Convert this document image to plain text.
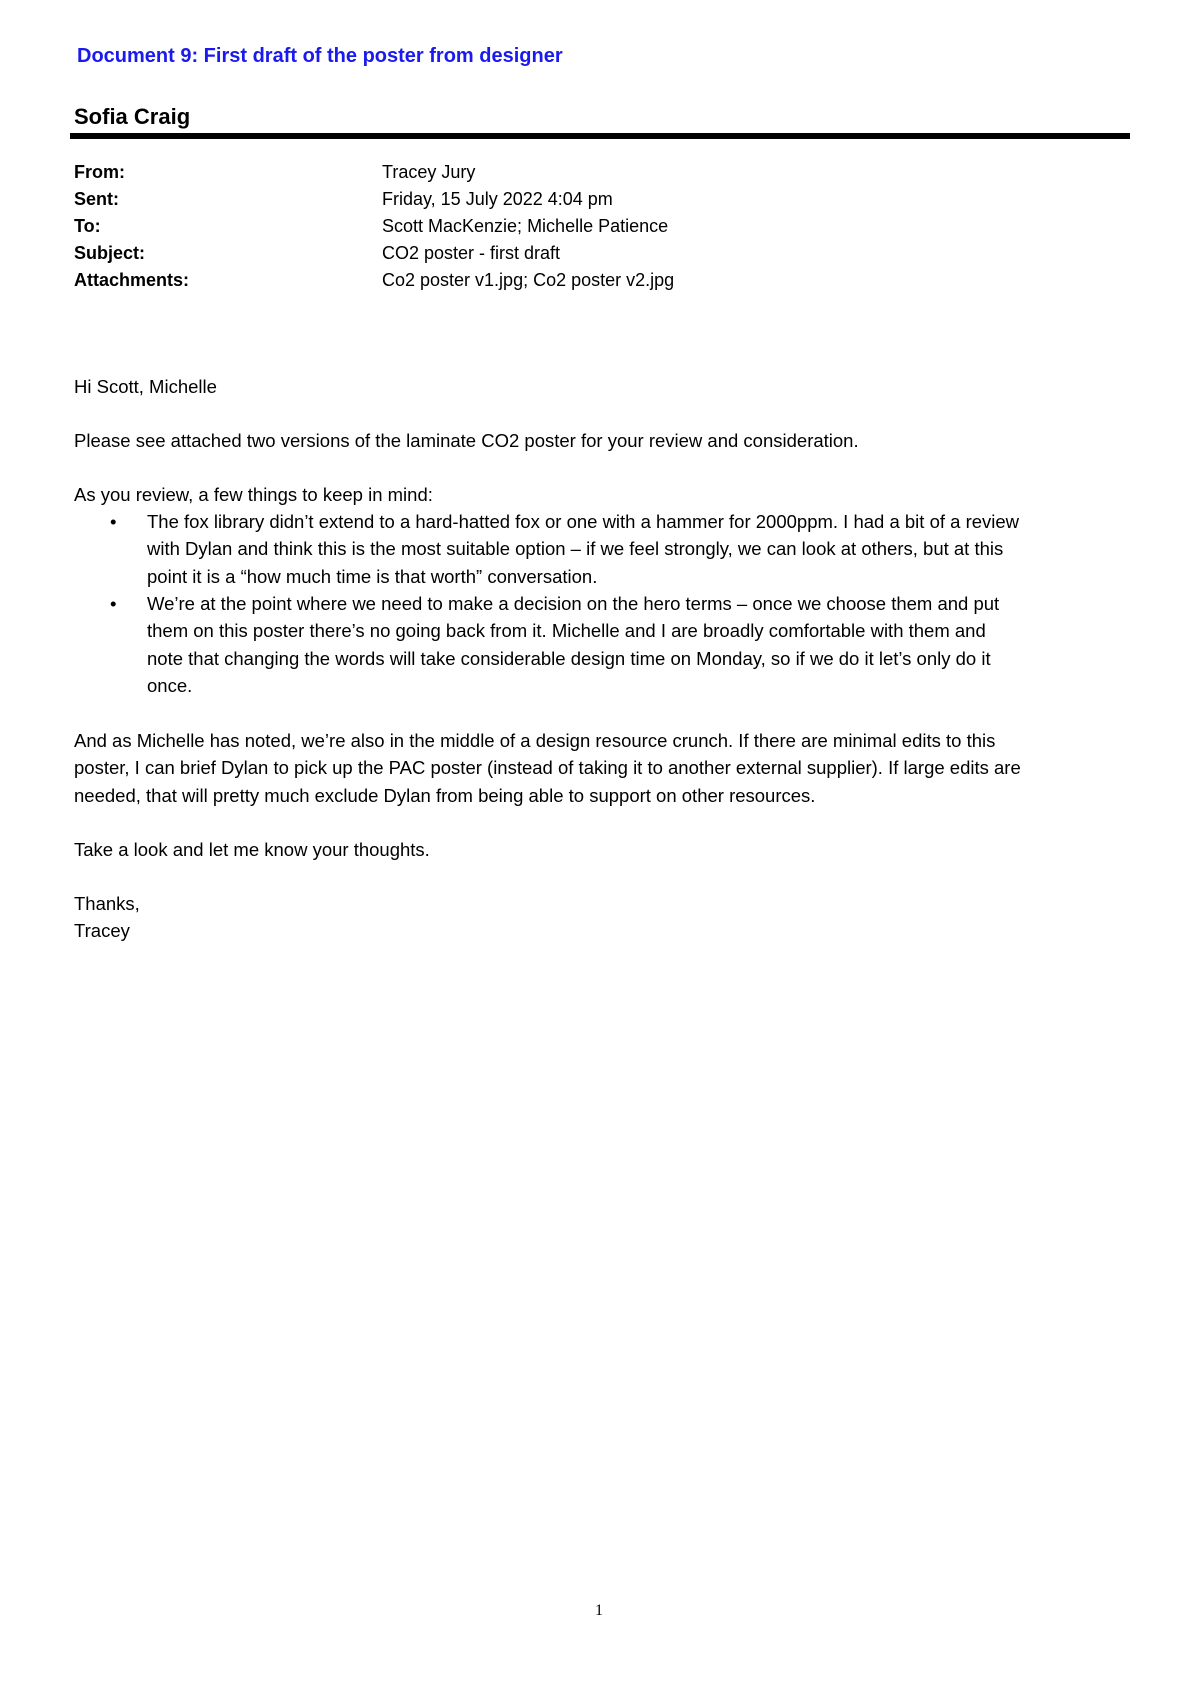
Document 9: First draft of the poster from designer
Sofia Craig
From:	Tracey Jury
Sent:	Friday, 15 July 2022 4:04 pm
To:	Scott MacKenzie; Michelle Patience
Subject:	CO2 poster - first draft
Attachments:	Co2 poster v1.jpg; Co2 poster v2.jpg
Hi Scott, Michelle
Please see attached two versions of the laminate CO2 poster for your review and consideration.
As you review, a few things to keep in mind:
• The fox library didn’t extend to a hard-hatted fox or one with a hammer for 2000ppm. I had a bit of a review
with Dylan and think this is the most suitable option – if we feel strongly, we can look at others, but at this
point it is a “how much time is that worth” conversation.
• We’re at the point where we need to make a decision on the hero terms – once we choose them and put
them on this poster there’s no going back from it. Michelle and I are broadly comfortable with them and
note that changing the words will take considerable design time on Monday, so if we do it let’s only do it
once.
And as Michelle has noted, we’re also in the middle of a design resource crunch. If there are minimal edits to this
poster, I can brief Dylan to pick up the PAC poster (instead of taking it to another external supplier). If large edits are
needed, that will pretty much exclude Dylan from being able to support on other resources.
Take a look and let me know your thoughts.
Thanks,
Tracey
1
